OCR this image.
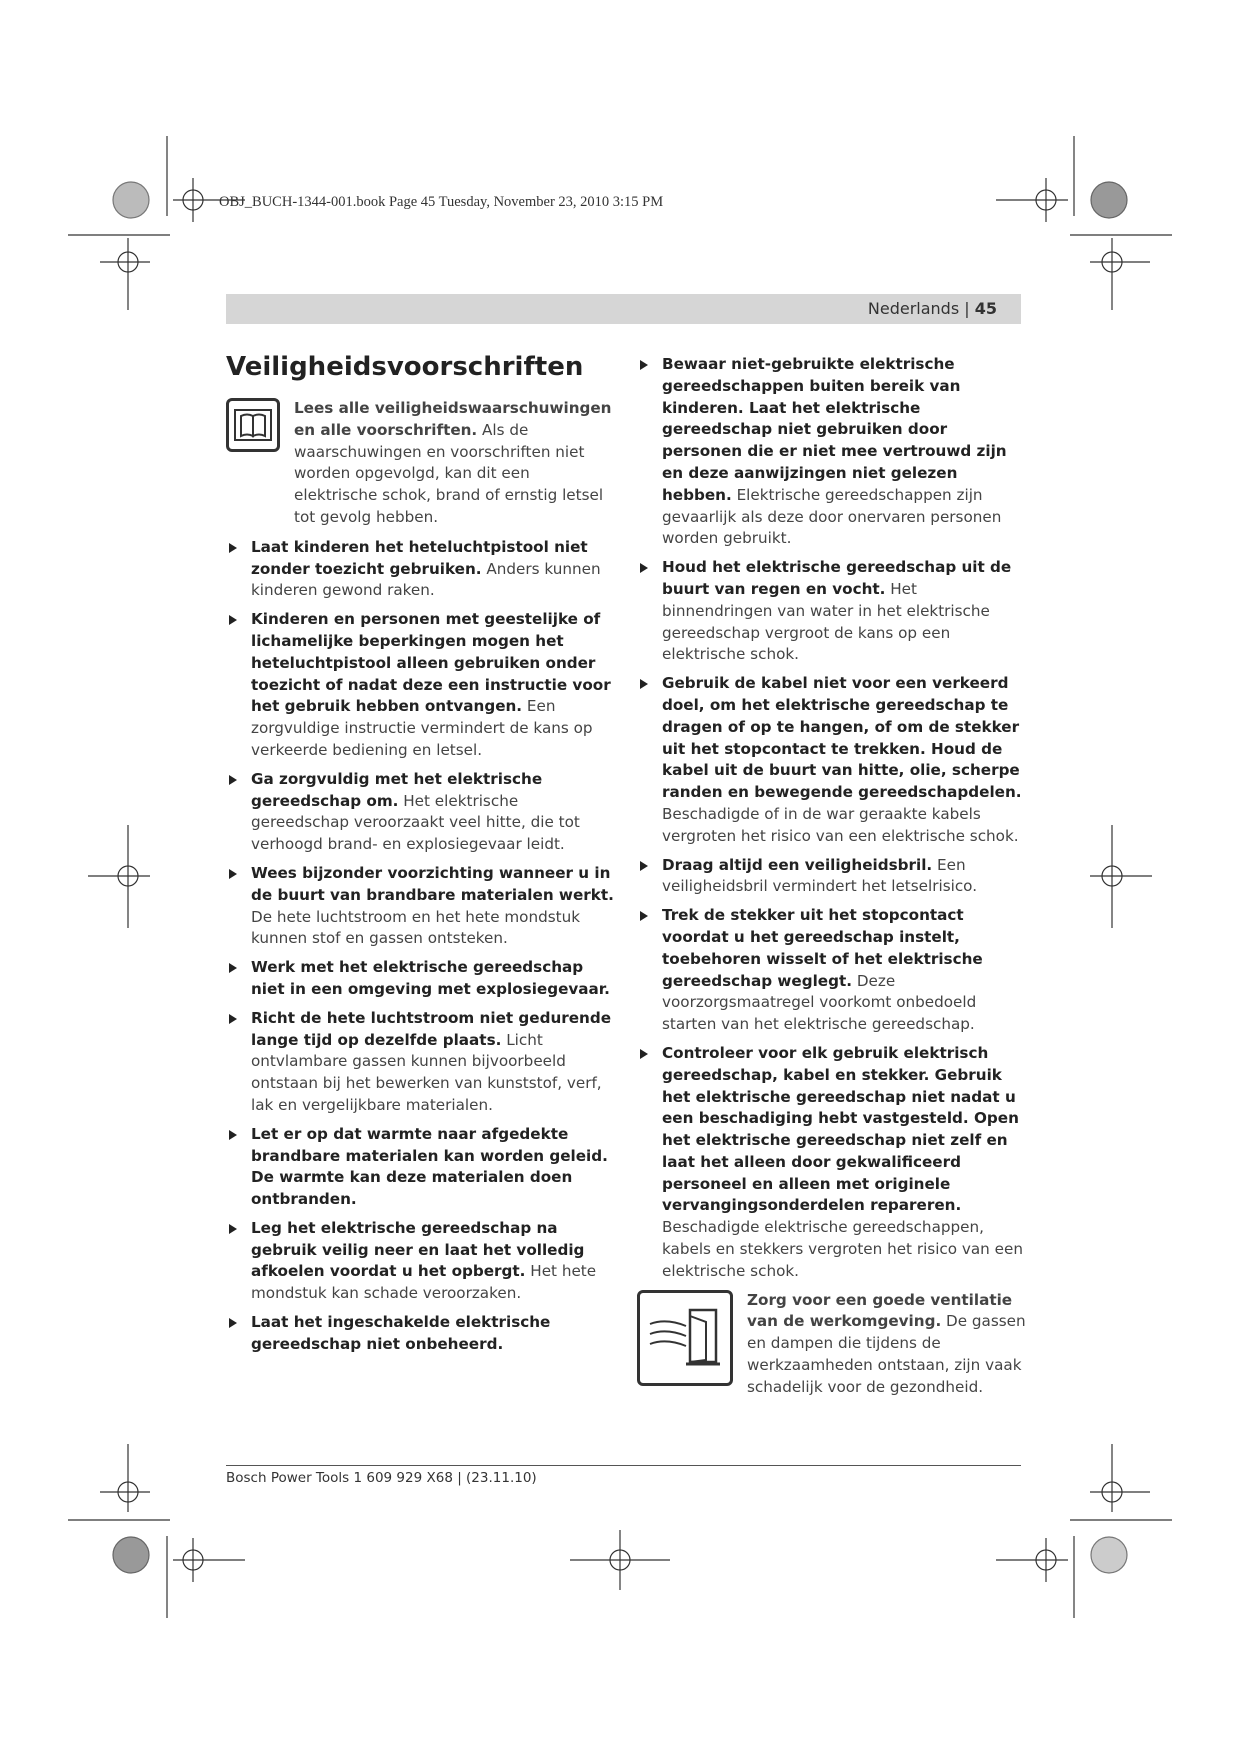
OBJ_BUCH-1344-001.book Page 45 Tuesday, November 23, 2010 3:15 PM
Nederlands | 45
Veiligheidsvoorschriften
Lees alle veiligheidswaarschuwingen en alle voorschriften. Als de waarschuwingen en voorschriften niet worden opgevolgd, kan dit een elektrische schok, brand of ernstig letsel tot gevolg hebben.
Laat kinderen het heteluchtpistool niet zonder toezicht gebruiken. Anders kunnen kinderen gewond raken.
Kinderen en personen met geestelijke of lichamelijke beperkingen mogen het heteluchtpistool alleen gebruiken onder toezicht of nadat deze een instructie voor het gebruik hebben ontvangen. Een zorgvuldige instructie vermindert de kans op verkeerde bediening en letsel.
Ga zorgvuldig met het elektrische gereedschap om. Het elektrische gereedschap veroorzaakt veel hitte, die tot verhoogd brand- en explosiegevaar leidt.
Wees bijzonder voorzichting wanneer u in de buurt van brandbare materialen werkt. De hete luchtstroom en het hete mondstuk kunnen stof en gassen ontsteken.
Werk met het elektrische gereedschap niet in een omgeving met explosiegevaar.
Richt de hete luchtstroom niet gedurende lange tijd op dezelfde plaats. Licht ontvlambare gassen kunnen bijvoorbeeld ontstaan bij het bewerken van kunststof, verf, lak en vergelijkbare materialen.
Let er op dat warmte naar afgedekte brandbare materialen kan worden geleid. De warmte kan deze materialen doen ontbranden.
Leg het elektrische gereedschap na gebruik veilig neer en laat het volledig afkoelen voordat u het opbergt. Het hete mondstuk kan schade veroorzaken.
Laat het ingeschakelde elektrische gereedschap niet onbeheerd.
Bewaar niet-gebruikte elektrische gereedschappen buiten bereik van kinderen. Laat het elektrische gereedschap niet gebruiken door personen die er niet mee vertrouwd zijn en deze aanwijzingen niet gelezen hebben. Elektrische gereedschappen zijn gevaarlijk als deze door onervaren personen worden gebruikt.
Houd het elektrische gereedschap uit de buurt van regen en vocht. Het binnendringen van water in het elektrische gereedschap vergroot de kans op een elektrische schok.
Gebruik de kabel niet voor een verkeerd doel, om het elektrische gereedschap te dragen of op te hangen, of om de stekker uit het stopcontact te trekken. Houd de kabel uit de buurt van hitte, olie, scherpe randen en bewegende gereedschapdelen. Beschadigde of in de war geraakte kabels vergroten het risico van een elektrische schok.
Draag altijd een veiligheidsbril. Een veiligheidsbril vermindert het letselrisico.
Trek de stekker uit het stopcontact voordat u het gereedschap instelt, toebehoren wisselt of het elektrische gereedschap weglegt. Deze voorzorgsmaatregel voorkomt onbedoeld starten van het elektrische gereedschap.
Controleer voor elk gebruik elektrisch gereedschap, kabel en stekker. Gebruik het elektrische gereedschap niet nadat u een beschadiging hebt vastgesteld. Open het elektrische gereedschap niet zelf en laat het alleen door gekwalificeerd personeel en alleen met originele vervangingsonderdelen repareren. Beschadigde elektrische gereedschappen, kabels en stekkers vergroten het risico van een elektrische schok.
Zorg voor een goede ventilatie van de werkomgeving. De gassen en dampen die tijdens de werkzaamheden ontstaan, zijn vaak schadelijk voor de gezondheid.
Bosch Power Tools 1 609 929 X68 | (23.11.10)
